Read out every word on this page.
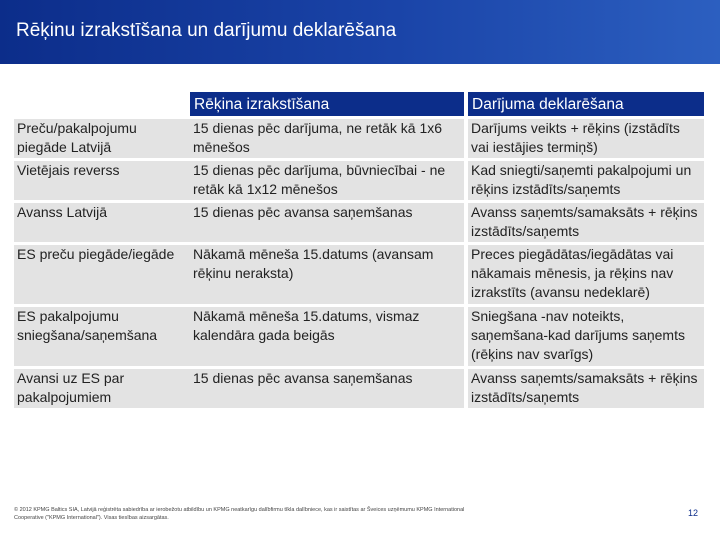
Rēķinu izrakstīšana un darījumu deklarēšana
	Rēķina izrakstīšana	Darījuma deklarēšana
Preču/pakalpojumu piegāde Latvijā	15 dienas pēc darījuma, ne retāk kā 1x6 mēnešos	Darījums veikts + rēķins (izstādīts vai iestājies termiņš)
Vietējais reverss	15 dienas pēc darījuma, būvniecībai - ne retāk kā 1x12 mēnešos	Kad sniegti/saņemti pakalpojumi un rēķins izstādīts/saņemts
Avanss Latvijā	15 dienas pēc avansa saņemšanas	Avanss saņemts/samaksāts + rēķins izstādīts/saņemts
ES preču piegāde/iegāde	Nākamā mēneša 15.datums (avansam rēķinu neraksta)	Preces piegādātas/iegādātas vai nākamais mēnesis, ja rēķins nav izrakstīts (avansu nedeklarē)
ES pakalpojumu sniegšana/saņemšana	Nākamā mēneša 15.datums, vismaz kalendāra gada beigās	Sniegšana -nav noteikts, saņemšana-kad darījums saņemts (rēķins nav svarīgs)
Avansi uz ES par pakalpojumiem	15 dienas pēc avansa saņemšanas	Avanss saņemts/samaksāts + rēķins izstādīts/saņemts
© 2012 KPMG Baltics SIA, Latvijā reģistrēta sabiedrība ar ierobežotu atbildību un KPMG neatkarīgu dalībfirmu tīkla dalībniece, kas ir saistītas ar Šveices uzņēmumu KPMG International Cooperative ("KPMG International"). Visas tiesības aizsargātas.	12
